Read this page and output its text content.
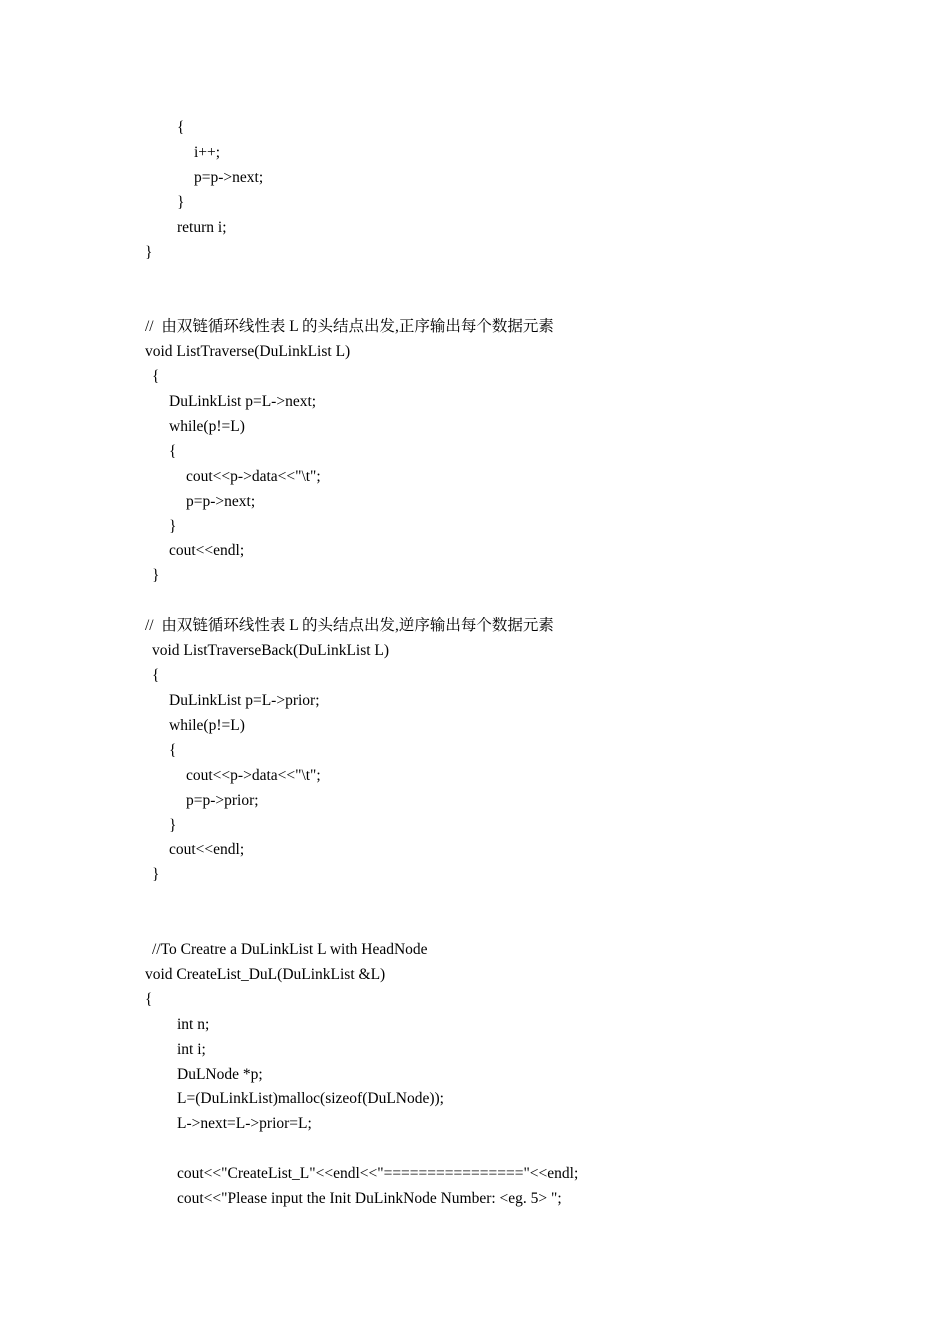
{
i++;
p=p->next;
}
return i;
}
//  由双链循环线性表 L 的头结点出发,正序输出每个数据元素
void ListTraverse(DuLinkList L)
{
DuLinkList p=L->next;
while(p!=L)
{
cout<<p->data<<"\t";
p=p->next;
}
cout<<endl;
}
//  由双链循环线性表 L 的头结点出发,逆序输出每个数据元素
void ListTraverseBack(DuLinkList L)
{
DuLinkList p=L->prior;
while(p!=L)
{
cout<<p->data<<"\t";
p=p->prior;
}
cout<<endl;
}
//To Creatre a DuLinkList L with HeadNode
void CreateList_DuL(DuLinkList &L)
{
int n;
int i;
DuLNode *p;
L=(DuLinkList)malloc(sizeof(DuLNode));
L->next=L->prior=L;
cout<<"CreateList_L"<<endl<<"================"<<endl;
cout<<"Please input the Init DuLinkNode Number: <eg. 5> ";
